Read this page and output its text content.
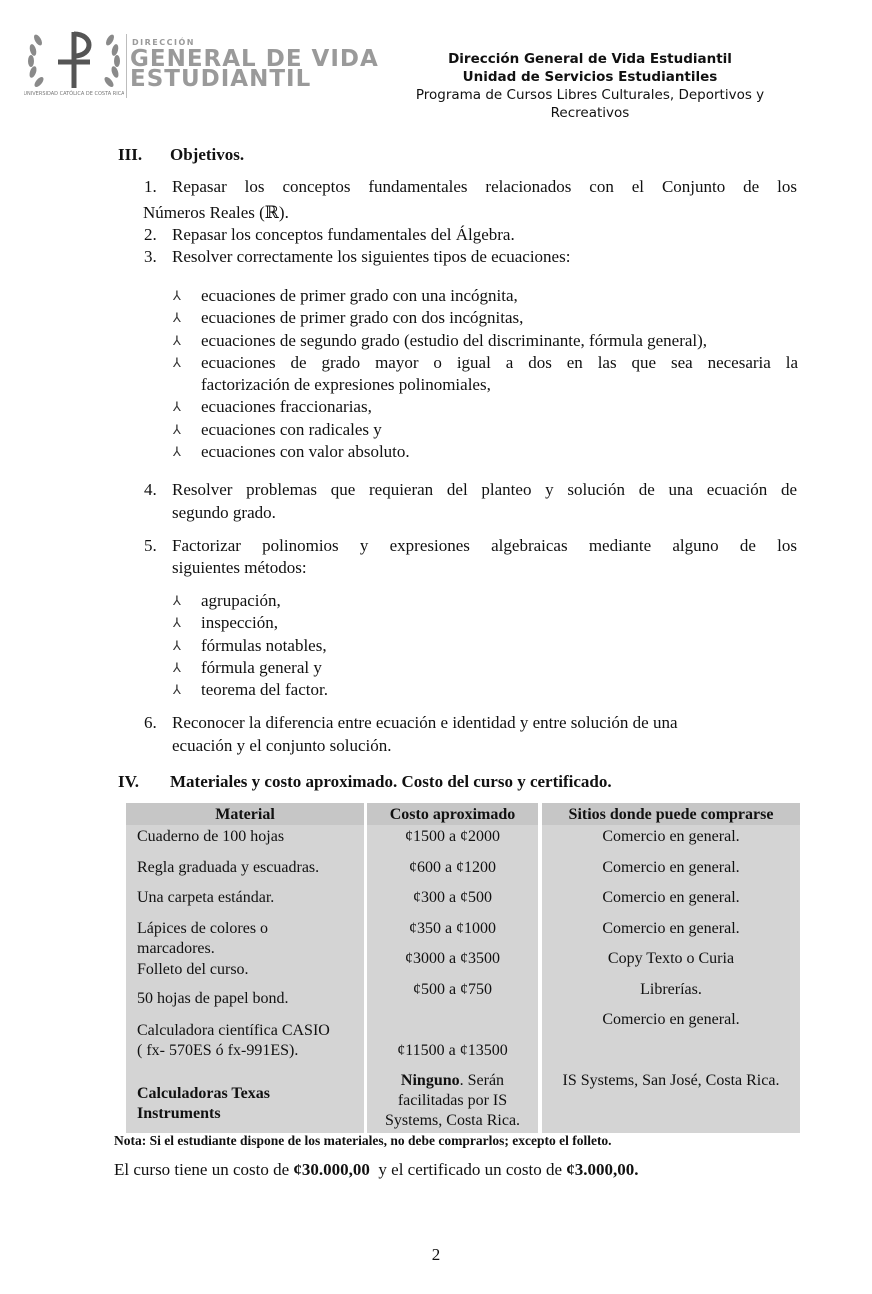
UNIVERSIDAD CATÓLICA DE COSTA RICA
DIRECCIÓN
GENERAL DE VIDA
ESTUDIANTIL
Dirección General de Vida Estudiantil
Unidad de Servicios Estudiantiles
Programa de Cursos Libres Culturales, Deportivos y
Recreativos
III. Objetivos.
1. Repasar los conceptos fundamentales relacionados con el Conjunto de los
Números Reales (ℝ).
2. Repasar los conceptos fundamentales del Álgebra.
3. Resolver correctamente los siguientes tipos de ecuaciones:
⅄ ecuaciones de primer grado con una incógnita,
⅄ ecuaciones de primer grado con dos incógnitas,
⅄ ecuaciones de segundo grado (estudio del discriminante, fórmula general),
⅄ ecuaciones de grado mayor o igual a dos en las que sea necesaria la
factorización de expresiones polinomiales,
⅄ ecuaciones fraccionarias,
⅄ ecuaciones con radicales y
⅄ ecuaciones con valor absoluto.
4. Resolver problemas que requieran del planteo y solución de una ecuación de
segundo grado.
5. Factorizar polinomios y expresiones algebraicas mediante alguno de los
siguientes métodos:
⅄ agrupación,
⅄ inspección,
⅄ fórmulas notables,
⅄ fórmula general y
⅄ teorema del factor.
6. Reconocer la diferencia entre ecuación e identidad y entre solución de una
ecuación y el conjunto solución.
IV. Materiales y costo aproximado. Costo del curso y certificado.
Material
Cuaderno de 100 hojas
Regla graduada y escuadras.
Una carpeta estándar.
Lápices de colores o
marcadores.
Folleto del curso.
50 hojas de papel bond.
Calculadora científica CASIO
( fx- 570ES ó fx-991ES).
Calculadoras Texas
Instruments
Costo aproximado
¢1500 a ¢2000
¢600 a ¢1200
¢300 a ¢500
¢350 a ¢1000
¢3000 a ¢3500
¢500 a ¢750
¢11500 a ¢13500
Ninguno. Serán
facilitadas por IS
Systems, Costa Rica.
Sitios donde puede comprarse
Comercio en general.
Comercio en general.
Comercio en general.
Comercio en general.
Copy Texto o Curia
Librerías.
Comercio en general.
IS Systems, San José, Costa Rica.
Nota: Si el estudiante dispone de los materiales, no debe comprarlos; excepto el folleto.
El curso tiene un costo de ¢30.000,00  y el certificado un costo de ¢3.000,00.
2
